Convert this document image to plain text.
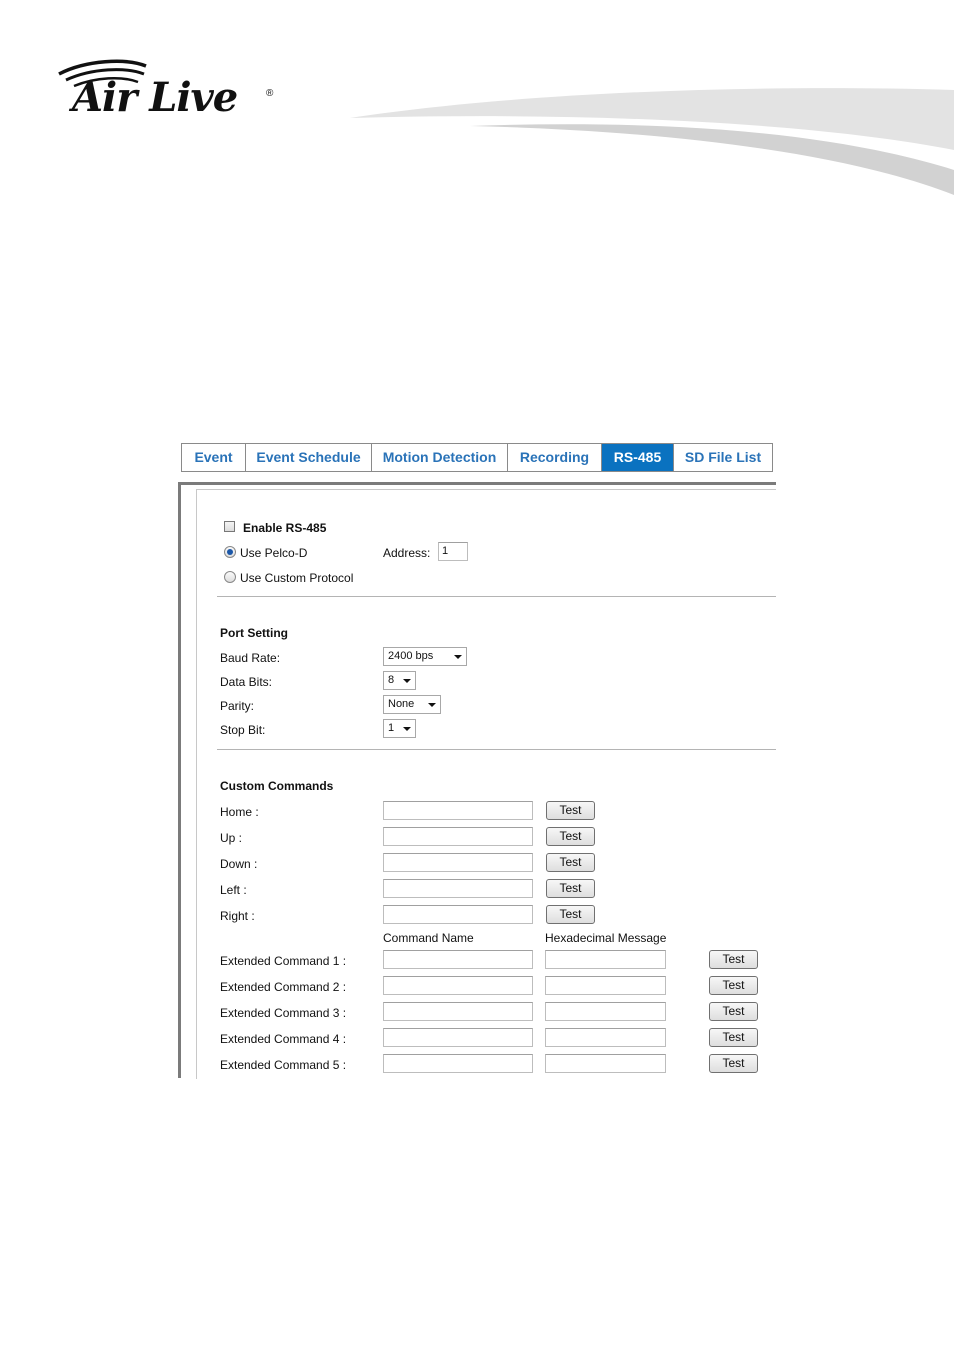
Air Live	®
Event	Event Schedule	Motion Detection	Recording	RS-485	SD File List
Enable RS-485
Use Pelco-D	Address:	1
Use Custom Protocol
Port Setting
Baud Rate:	2400 bps
Data Bits:	8
Parity:	None
Stop Bit:	1
Custom Commands
Home :	Test
Up :	Test
Down :	Test
Left :	Test
Right :	Test
Command Name	Hexadecimal Message
Extended Command 1 :	Test
Extended Command 2 :	Test
Extended Command 3 :	Test
Extended Command 4 :	Test
Extended Command 5 :	Test
